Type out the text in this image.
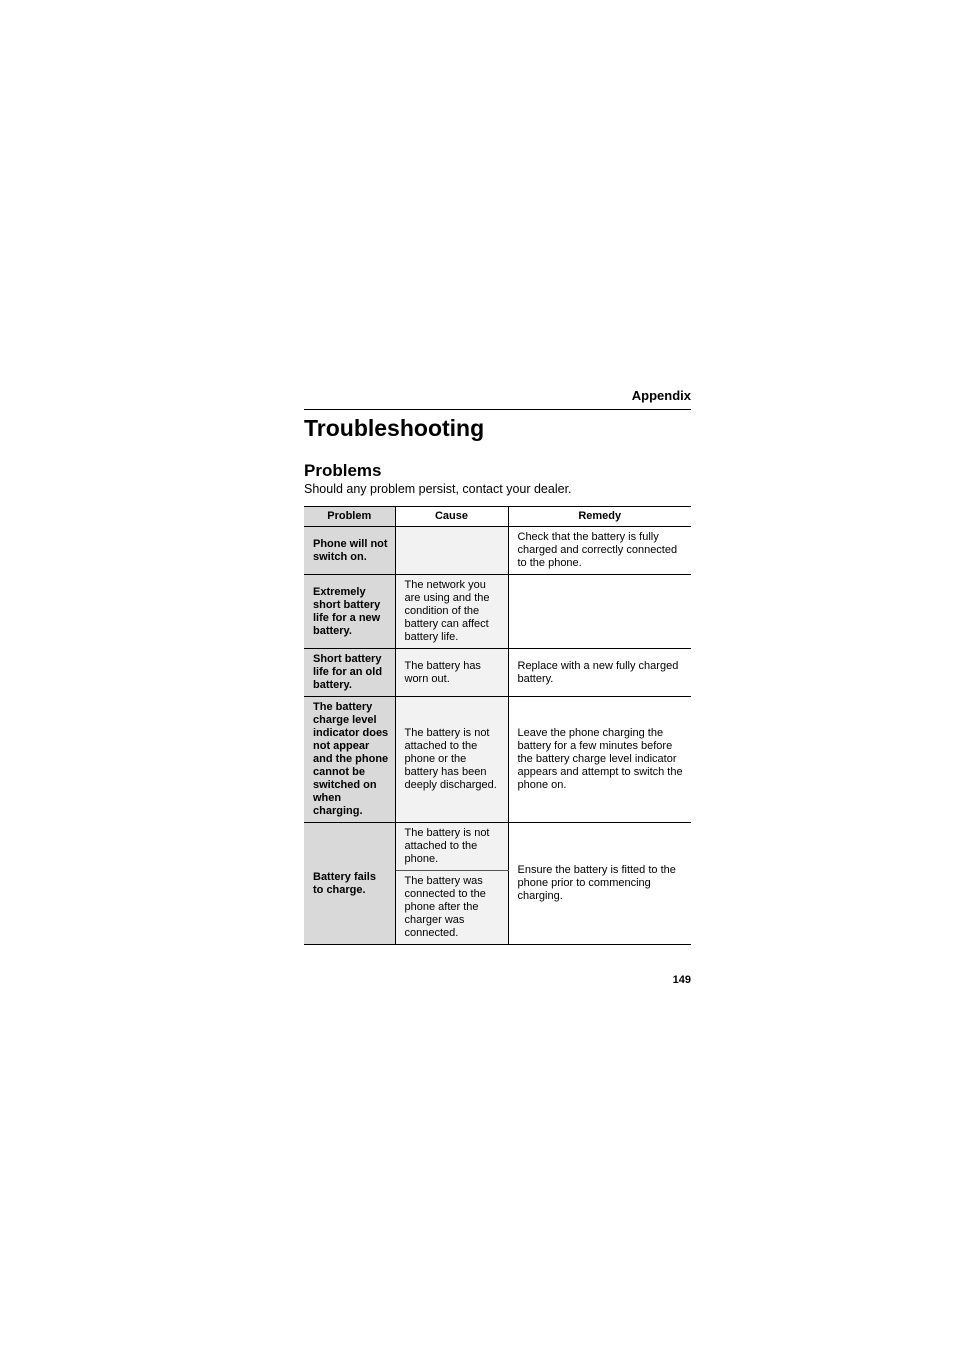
Appendix
Troubleshooting
Problems

Should any problem persist, contact your dealer.

Problem	Cause	Remedy
Phone will not switch on.		Check that the battery is fully charged and correctly connected to the phone.
Extremely short battery life for a new battery.	The network you are using and the condition of the battery can affect battery life.	
Short battery life for an old battery.	The battery has worn out.	Replace with a new fully charged battery.
The battery charge level indicator does not appear and the phone cannot be switched on when charging.	The battery is not attached to the phone or the battery has been deeply discharged.	Leave the phone charging the battery for a few minutes before the battery charge level indicator appears and attempt to switch the phone on.
Battery fails to charge.	The battery is not attached to the phone.	Ensure the battery is fitted to the phone prior to commencing charging.
	The battery was connected to the phone after the charger was connected.	
149
